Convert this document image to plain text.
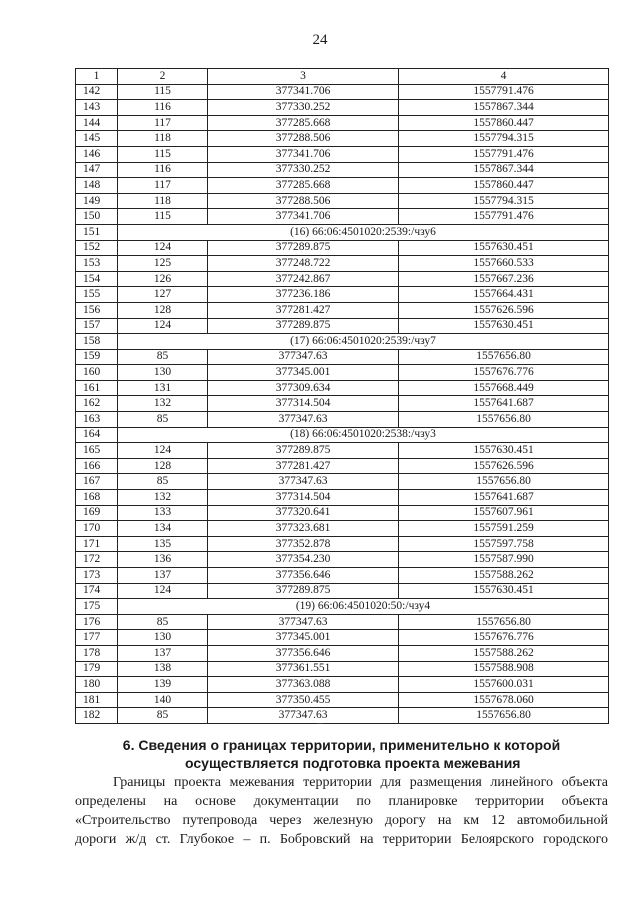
24
1	2	3	4
142	115	377341.706	1557791.476
143	116	377330.252	1557867.344
144	117	377285.668	1557860.447
145	118	377288.506	1557794.315
146	115	377341.706	1557791.476
147	116	377330.252	1557867.344
148	117	377285.668	1557860.447
149	118	377288.506	1557794.315
150	115	377341.706	1557791.476
151	(16) 66:06:4501020:2539:/чзу6		
152	124	377289.875	1557630.451
153	125	377248.722	1557660.533
154	126	377242.867	1557667.236
155	127	377236.186	1557664.431
156	128	377281.427	1557626.596
157	124	377289.875	1557630.451
158	(17) 66:06:4501020:2539:/чзу7		
159	85	377347.63	1557656.80
160	130	377345.001	1557676.776
161	131	377309.634	1557668.449
162	132	377314.504	1557641.687
163	85	377347.63	1557656.80
164	(18) 66:06:4501020:2538:/чзу3		
165	124	377289.875	1557630.451
166	128	377281.427	1557626.596
167	85	377347.63	1557656.80
168	132	377314.504	1557641.687
169	133	377320.641	1557607.961
170	134	377323.681	1557591.259
171	135	377352.878	1557597.758
172	136	377354.230	1557587.990
173	137	377356.646	1557588.262
174	124	377289.875	1557630.451
175	(19) 66:06:4501020:50:/чзу4		
176	85	377347.63	1557656.80
177	130	377345.001	1557676.776
178	137	377356.646	1557588.262
179	138	377361.551	1557588.908
180	139	377363.088	1557600.031
181	140	377350.455	1557678.060
182	85	377347.63	1557656.80
–
6. Сведения о границах территории, применительно к которой
осуществляется подготовка проекта межевания
Границы проекта межевания территории для размещения линейного объекта
определены на основе документации по планировке территории объекта
«Строительство путепровода через железную дорогу на км 12 автомобильной
дороги ж/д ст. Глубокое – п. Бобровский на территории Белоярского городского
